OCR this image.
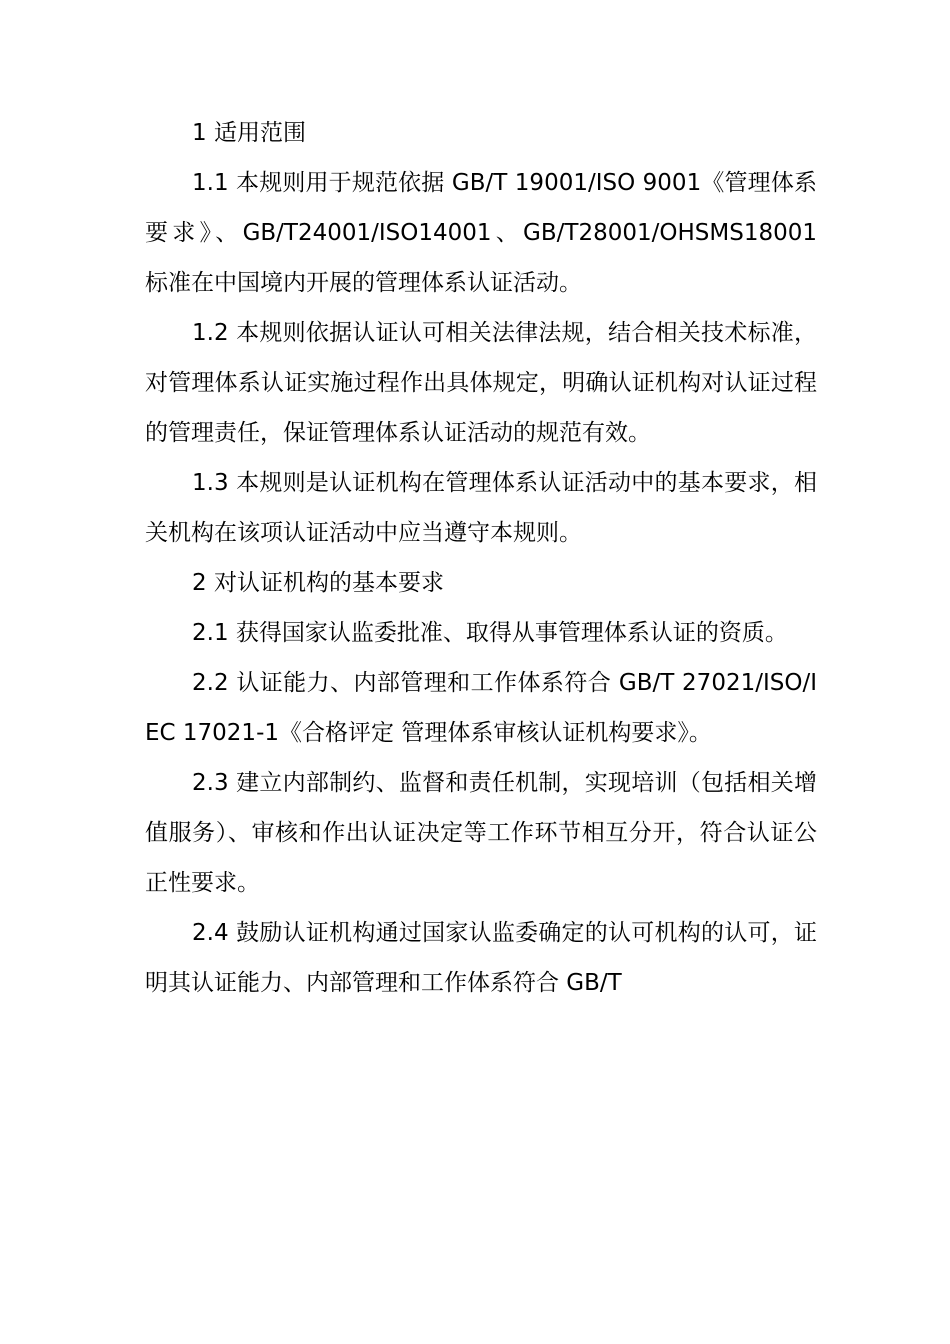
1 适用范围

1.1 本规则用于规范依据 GB/T 19001/ISO 9001《管理体系要求》、GB/T24001/ISO14001、GB/T28001/OHSMS18001 标准在中国境内开展的管理体系认证活动。

1.2 本规则依据认证认可相关法律法规，结合相关技术标准，对管理体系认证实施过程作出具体规定，明确认证机构对认证过程的管理责任，保证管理体系认证活动的规范有效。

1.3 本规则是认证机构在管理体系认证活动中的基本要求，相关机构在该项认证活动中应当遵守本规则。

2 对认证机构的基本要求

2.1 获得国家认监委批准、取得从事管理体系认证的资质。

2.2 认证能力、内部管理和工作体系符合 GB/T 27021/ISO/IEC 17021-1《合格评定 管理体系审核认证机构要求》。

2.3 建立内部制约、监督和责任机制，实现培训（包括相关增值服务）、审核和作出认证决定等工作环节相互分开，符合认证公正性要求。

2.4 鼓励认证机构通过国家认监委确定的认可机构的认可，证明其认证能力、内部管理和工作体系符合 GB/T
